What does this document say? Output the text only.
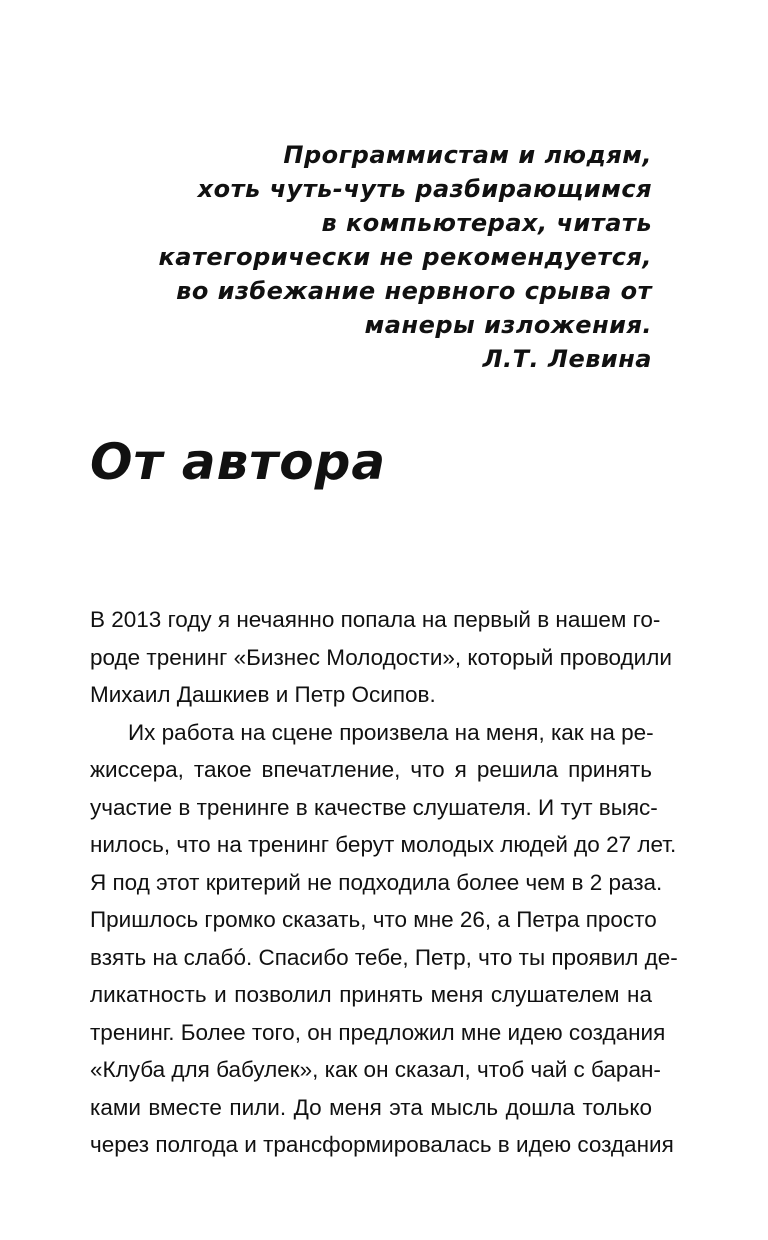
Программистам и людям,
хоть чуть-чуть разбирающимся
в компьютерах, читать
категорически не рекомендуется,
во избежание нервного срыва от
манеры изложения.
Л.Т. Левина
От автора
В 2013 году я нечаянно попала на первый в нашем го-
роде тренинг «Бизнес Молодости», который проводили
Михаил Дашкиев и Петр Осипов.
Их работа на сцене произвела на меня, как на ре-
жиссера, такое впечатление, что я решила принять
участие в тренинге в качестве слушателя. И тут выяс-
нилось, что на тренинг берут молодых людей до 27 лет.
Я под этот критерий не подходила более чем в 2 раза.
Пришлось громко сказать, что мне 26, а Петра просто
взять на слабó. Спасибо тебе, Петр, что ты проявил де-
ликатность и позволил принять меня слушателем на
тренинг. Более того, он предложил мне идею создания
«Клуба для бабулек», как он сказал, чтоб чай с баран-
ками вместе пили. До меня эта мысль дошла только
через полгода и трансформировалась в идею создания
